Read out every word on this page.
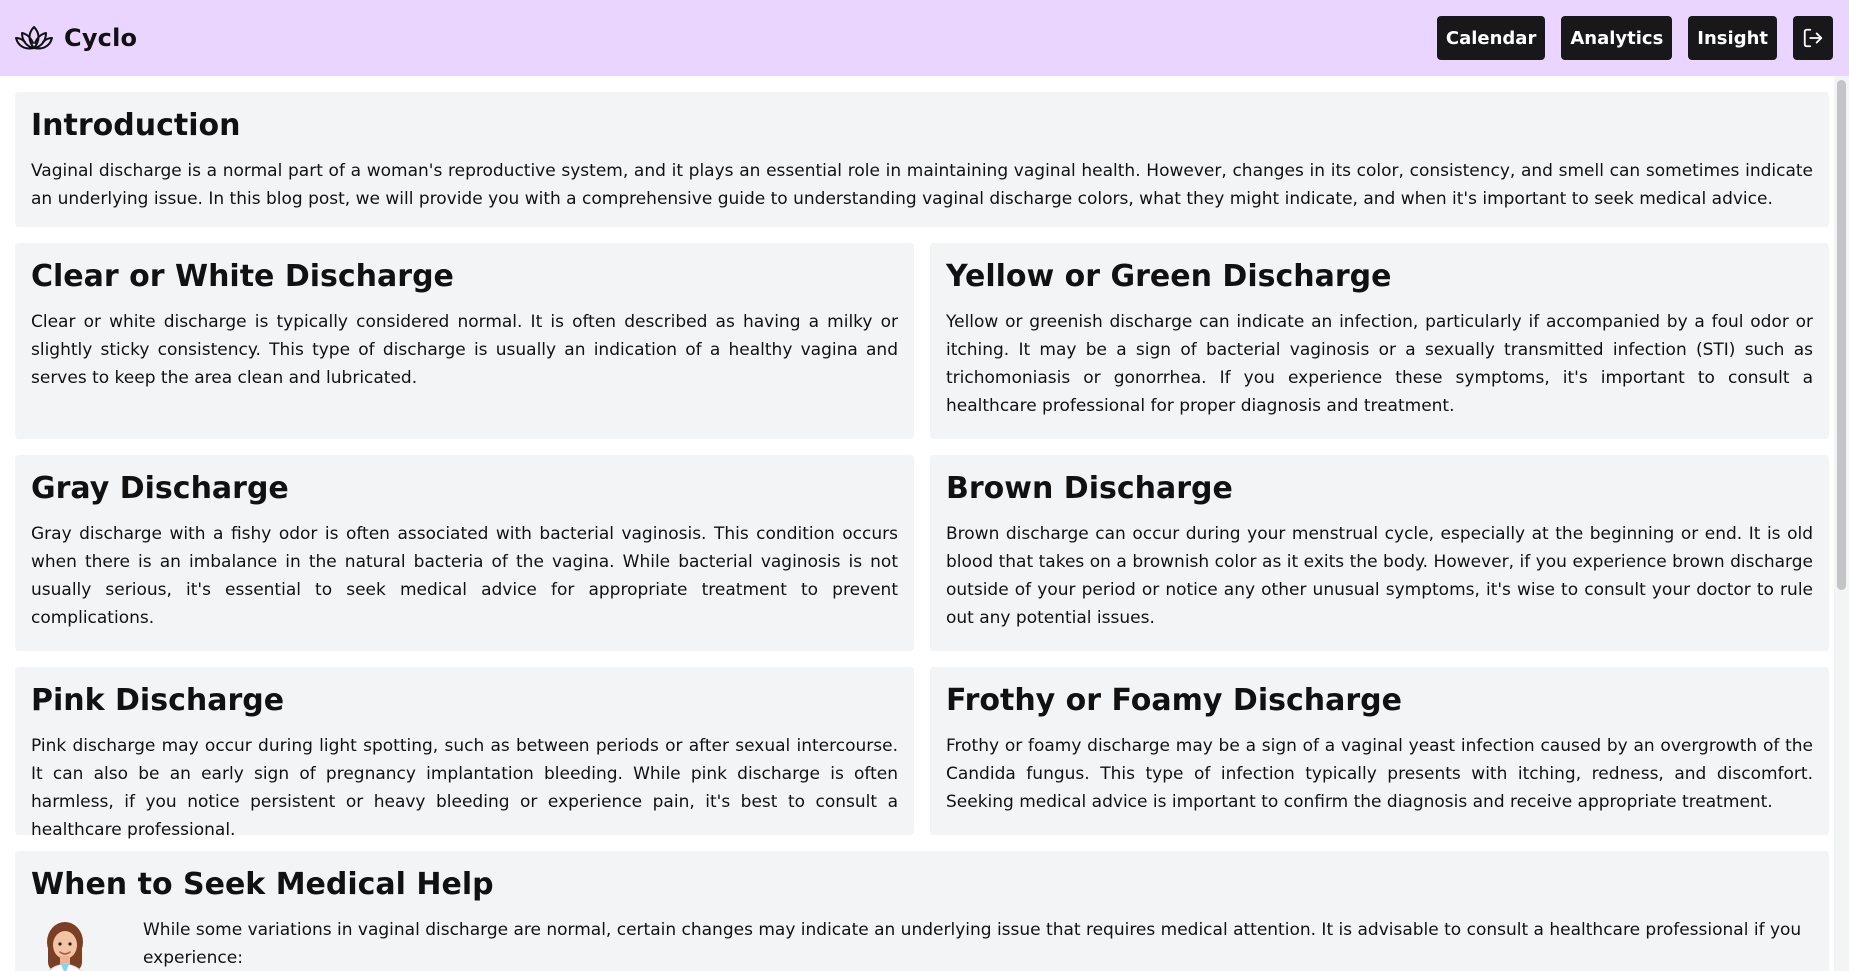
Cyclo	Calendar	Analytics	Insight
Introduction

Vaginal discharge is a normal part of a woman's reproductive system, and it plays an essential role in maintaining vaginal health. However, changes in its color, consistency, and smell can sometimes indicate an underlying issue. In this blog post, we will provide you with a comprehensive guide to understanding vaginal discharge colors, what they might indicate, and when it's important to seek medical advice.

Clear or White Discharge

Clear or white discharge is typically considered normal. It is often described as having a milky or slightly sticky consistency. This type of discharge is usually an indication of a healthy vagina and serves to keep the area clean and lubricated.

Yellow or Green Discharge

Yellow or greenish discharge can indicate an infection, particularly if accompanied by a foul odor or itching. It may be a sign of bacterial vaginosis or a sexually transmitted infection (STI) such as trichomoniasis or gonorrhea. If you experience these symptoms, it's important to consult a healthcare professional for proper diagnosis and treatment.

Gray Discharge

Gray discharge with a fishy odor is often associated with bacterial vaginosis. This condition occurs when there is an imbalance in the natural bacteria of the vagina. While bacterial vaginosis is not usually serious, it's essential to seek medical advice for appropriate treatment to prevent complications.

Brown Discharge

Brown discharge can occur during your menstrual cycle, especially at the beginning or end. It is old blood that takes on a brownish color as it exits the body. However, if you experience brown discharge outside of your period or notice any other unusual symptoms, it's wise to consult your doctor to rule out any potential issues.

Pink Discharge

Pink discharge may occur during light spotting, such as between periods or after sexual intercourse. It can also be an early sign of pregnancy implantation bleeding. While pink discharge is often harmless, if you notice persistent or heavy bleeding or experience pain, it's best to consult a healthcare professional.

Frothy or Foamy Discharge

Frothy or foamy discharge may be a sign of a vaginal yeast infection caused by an overgrowth of the Candida fungus. This type of infection typically presents with itching, redness, and discomfort. Seeking medical advice is important to confirm the diagnosis and receive appropriate treatment.

When to Seek Medical Help

While some variations in vaginal discharge are normal, certain changes may indicate an underlying issue that requires medical attention. It is advisable to consult a healthcare professional if you experience:
